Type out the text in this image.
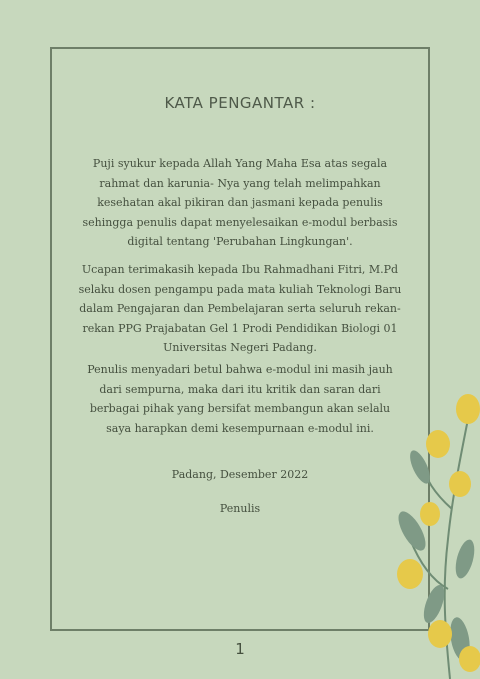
KATA PENGANTAR :
Puji syukur kepada Allah Yang Maha Esa atas segala
rahmat dan karunia- Nya yang telah melimpahkan
kesehatan akal pikiran dan jasmani kepada penulis
sehingga penulis dapat menyelesaikan e-modul berbasis
digital tentang 'Perubahan Lingkungan'.
Ucapan terimakasih kepada Ibu Rahmadhani Fitri, M.Pd
selaku dosen pengampu pada mata kuliah Teknologi Baru
dalam Pengajaran dan Pembelajaran serta seluruh rekan-
rekan PPG Prajabatan Gel 1 Prodi Pendidikan Biologi 01
Universitas Negeri Padang.
Penulis menyadari betul bahwa e-modul ini masih jauh
dari sempurna, maka dari itu kritik dan saran dari
berbagai pihak yang bersifat membangun akan selalu
saya harapkan demi kesempurnaan e-modul ini.
Padang, Desember 2022
Penulis
1
